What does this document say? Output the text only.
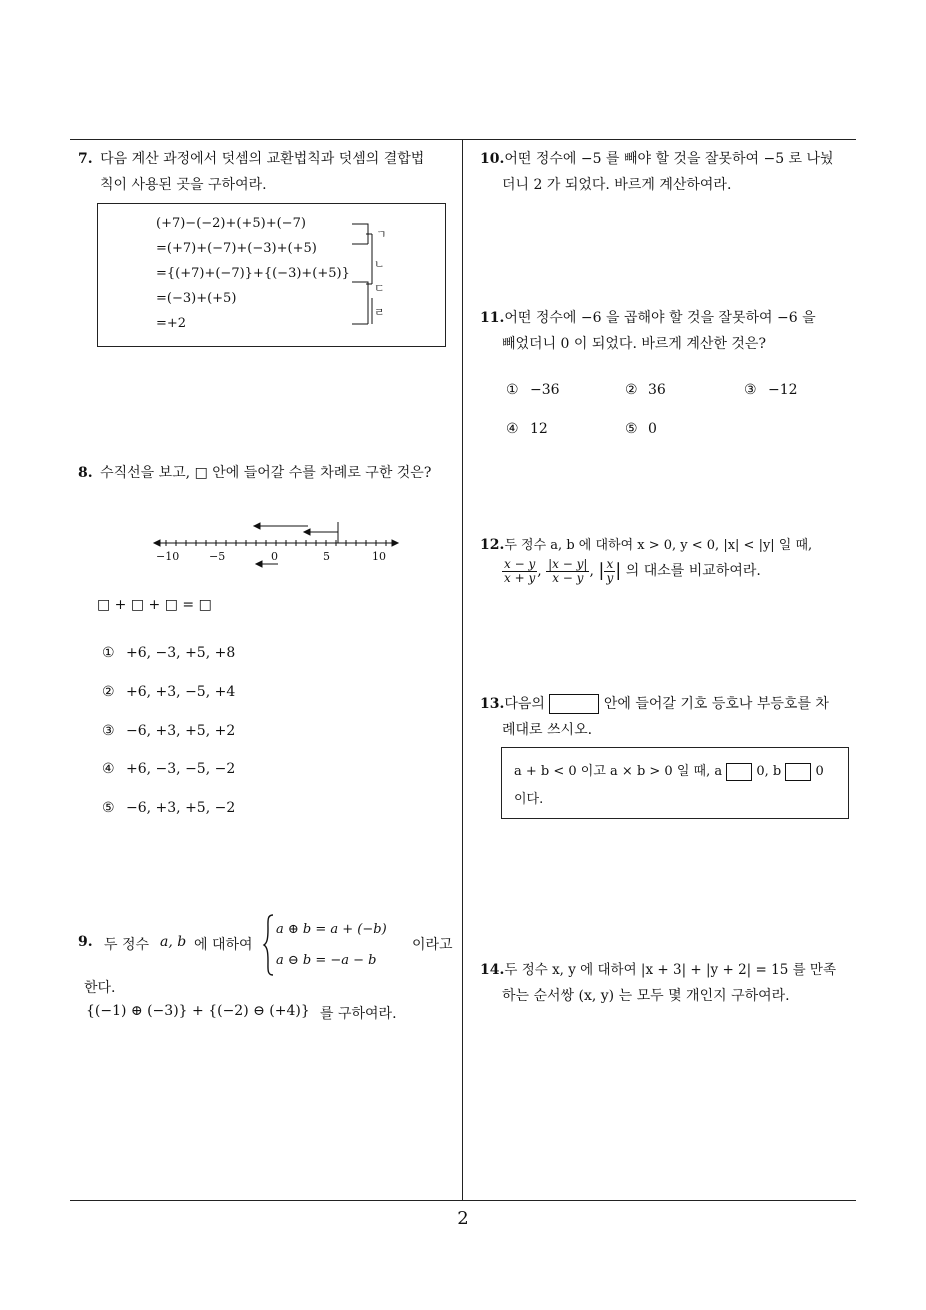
7. 다음 계산 과정에서 덧셈의 교환법칙과 덧셈의 결합법
칙이 사용된 곳을 구하여라.
(+7)−(−2)+(+5)+(−7)
=(+7)+(−7)+(−3)+(+5)
={(+7)+(−7)}+{(−3)+(+5)}
=(−3)+(+5)
=+2
ㄱ
ㄴ
ㄷ
ㄹ
8. 수직선을 보고, □ 안에 들어갈 수를 차례로 구한 것은?
−10	−5	0	5	10
□ + □ + □ = □
① +6, −3, +5, +8
② +6, +3, −5, +4
③ −6, +3, +5, +2
④ +6, −3, −5, −2
⑤ −6, +3, +5, −2
9. 두 정수 a, b 에 대하여
a ⊕ b = a + (−b)
a ⊖ b = −a − b
이라고
한다.
{(−1) ⊕ (−3)} + {(−2) ⊖ (+4)} 를 구하여라.
10.어떤 정수에 −5 를 빼야 할 것을 잘못하여 −5 로 나눴
더니 2 가 되었다. 바르게 계산하여라.
11.어떤 정수에 −6 을 곱해야 할 것을 잘못하여 −6 을
빼었더니 0 이 되었다. 바르게 계산한 것은?
① −36	② 36	③ −12
④ 12	⑤ 0
12.두 정수 a, b 에 대하여 x > 0, y < 0, |x| < |y| 일 때,
$\frac{x - y}{x + y}$ , $\frac{|x - y|}{x - y}$ , | $\frac{x}{y}$ | 의 대소를 비교하여라.
13.다음의	안에 들어갈 기호 등호나 부등호를 차
례대로 쓰시오.
a + b < 0 이고 a × b > 0 일 때, a	0, b	0
이다.
14.두 정수 x, y 에 대하여 |x + 3| + |y + 2| = 15 를 만족
하는 순서쌍 (x, y) 는 모두 몇 개인지 구하여라.
2
